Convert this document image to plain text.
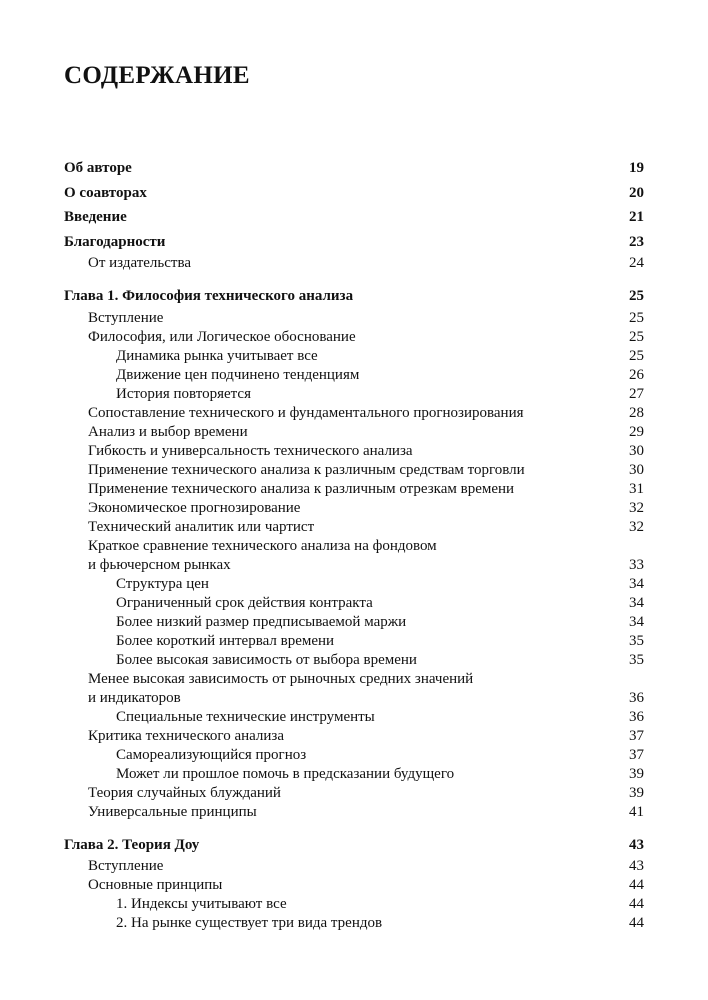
СОДЕРЖАНИЕ
Об авторе	19
О соавторах	20
Введение	21
Благодарности	23
От издательства	24
Глава 1. Философия технического анализа	25
Вступление	25
Философия, или Логическое обоснование	25
Динамика рынка учитывает все	25
Движение цен подчинено тенденциям	26
История повторяется	27
Сопоставление технического и фундаментального прогнозирования	28
Анализ и выбор времени	29
Гибкость и универсальность технического анализа	30
Применение технического анализа к различным средствам торговли	30
Применение технического анализа к различным отрезкам времени	31
Экономическое прогнозирование	32
Технический аналитик или чартист	32
Краткое сравнение технического анализа на фондовом
и фьючерсном рынках	33
Структура цен	34
Ограниченный срок действия контракта	34
Более низкий размер предписываемой маржи	34
Более короткий интервал времени	35
Более высокая зависимость от выбора времени	35
Менее высокая зависимость от рыночных средних значений
и индикаторов	36
Специальные технические инструменты	36
Критика технического анализа	37
Самореализующийся прогноз	37
Может ли прошлое помочь в предсказании будущего	39
Теория случайных блужданий	39
Универсальные принципы	41
Глава 2. Теория Доу	43
Вступление	43
Основные принципы	44
1. Индексы учитывают все	44
2. На рынке существует три вида трендов	44
